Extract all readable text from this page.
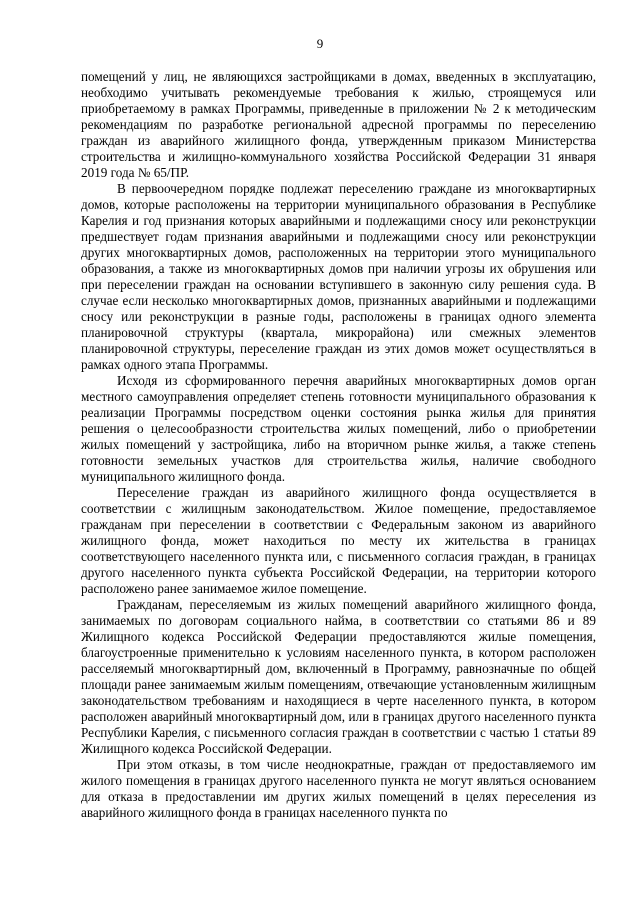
9

помещений у лиц, не являющихся застройщиками в домах, введенных в эксплуатацию, необходимо учитывать рекомендуемые требования к жилью, строящемуся или приобретаемому в рамках Программы, приведенные в приложении № 2 к методическим рекомендациям по разработке региональной адресной программы по переселению граждан из аварийного жилищного фонда, утвержденным приказом Министерства строительства и жилищно-коммунального хозяйства Российской Федерации 31 января 2019 года № 65/ПР.

В первоочередном порядке подлежат переселению граждане из многоквартирных домов, которые расположены на территории муниципального образования в Республике Карелия и год признания которых аварийными и подлежащими сносу или реконструкции предшествует годам признания аварийными и подлежащими сносу или реконструкции других многоквартирных домов, расположенных на территории этого муниципального образования, а также из многоквартирных домов при наличии угрозы их обрушения или при переселении граждан на основании вступившего в законную силу решения суда. В случае если несколько многоквартирных домов, признанных аварийными и подлежащими сносу или реконструкции в разные годы, расположены в границах одного элемента планировочной структуры (квартала, микрорайона) или смежных элементов планировочной структуры, переселение граждан из этих домов может осуществляться в рамках одного этапа Программы.

Исходя из сформированного перечня аварийных многоквартирных домов орган местного самоуправления определяет степень готовности муниципального образования к реализации Программы посредством оценки состояния рынка жилья для принятия решения о целесообразности строительства жилых помещений, либо о приобретении жилых помещений у застройщика, либо на вторичном рынке жилья, а также степень готовности земельных участков для строительства жилья, наличие свободного муниципального жилищного фонда.

Переселение граждан из аварийного жилищного фонда осуществляется в соответствии с жилищным законодательством. Жилое помещение, предоставляемое гражданам при переселении в соответствии с Федеральным законом из аварийного жилищного фонда, может находиться по месту их жительства в границах соответствующего населенного пункта или, с письменного согласия граждан, в границах другого населенного пункта субъекта Российской Федерации, на территории которого расположено ранее занимаемое жилое помещение.

Гражданам, переселяемым из жилых помещений аварийного жилищного фонда, занимаемых по договорам социального найма, в соответствии со статьями 86 и 89 Жилищного кодекса Российской Федерации предоставляются жилые помещения, благоустроенные применительно к условиям населенного пункта, в котором расположен расселяемый многоквартирный дом, включенный в Программу, равнозначные по общей площади ранее занимаемым жилым помещениям, отвечающие установленным жилищным законодательством требованиям и находящиеся в черте населенного пункта, в котором расположен аварийный многоквартирный дом, или в границах другого населенного пункта Республики Карелия, с письменного согласия граждан в соответствии с частью 1 статьи 89 Жилищного кодекса Российской Федерации.

При этом отказы, в том числе неоднократные, граждан от предоставляемого им жилого помещения в границах другого населенного пункта не могут являться основанием для отказа в предоставлении им других жилых помещений в целях переселения из аварийного жилищного фонда в границах населенного пункта по
